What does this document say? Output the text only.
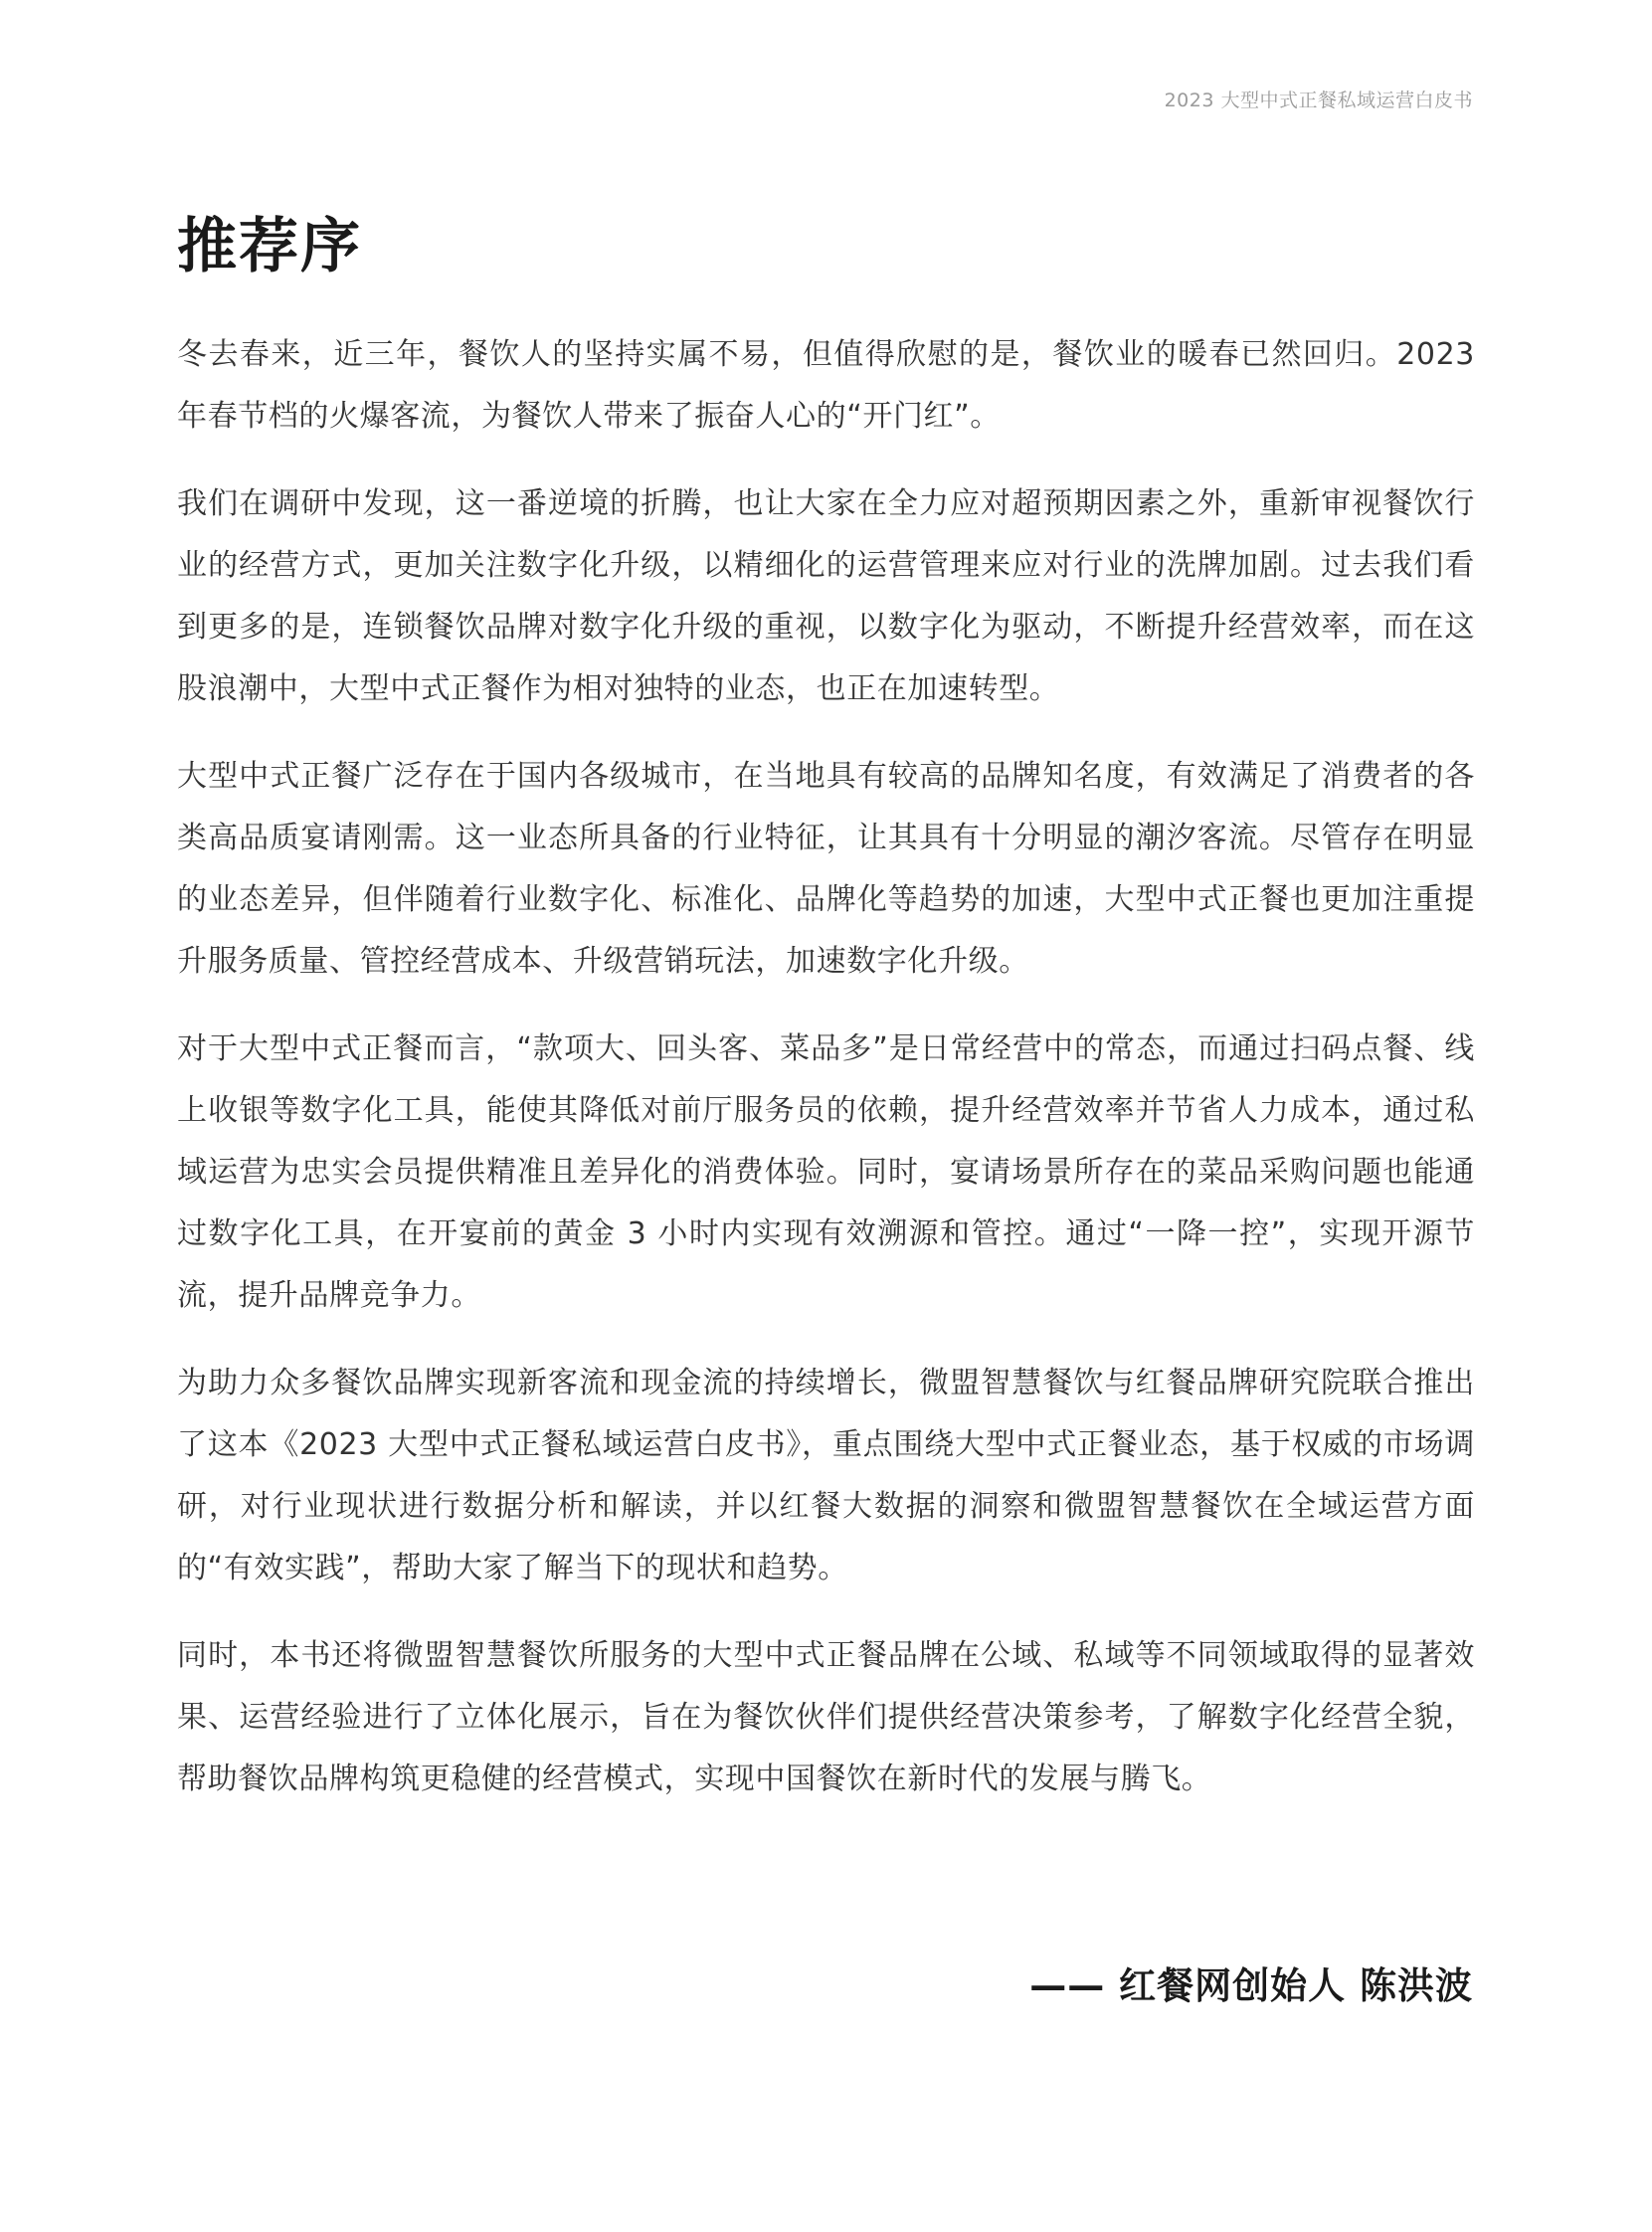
2023 大型中式正餐私域运营白皮书
推荐序

冬去春来，近三年，餐饮人的坚持实属不易，但值得欣慰的是，餐饮业的暖春已然回归。2023 年春节档的火爆客流，为餐饮人带来了振奋人心的“开门红”。

我们在调研中发现，这一番逆境的折腾，也让大家在全力应对超预期因素之外，重新审视餐饮行业的经营方式，更加关注数字化升级，以精细化的运营管理来应对行业的洗牌加剧。过去我们看到更多的是，连锁餐饮品牌对数字化升级的重视，以数字化为驱动，不断提升经营效率，而在这股浪潮中，大型中式正餐作为相对独特的业态，也正在加速转型。

大型中式正餐广泛存在于国内各级城市，在当地具有较高的品牌知名度，有效满足了消费者的各类高品质宴请刚需。这一业态所具备的行业特征，让其具有十分明显的潮汐客流。尽管存在明显的业态差异，但伴随着行业数字化、标准化、品牌化等趋势的加速，大型中式正餐也更加注重提升服务质量、管控经营成本、升级营销玩法，加速数字化升级。

对于大型中式正餐而言，“款项大、回头客、菜品多”是日常经营中的常态，而通过扫码点餐、线上收银等数字化工具，能使其降低对前厅服务员的依赖，提升经营效率并节省人力成本，通过私域运营为忠实会员提供精准且差异化的消费体验。同时，宴请场景所存在的菜品采购问题也能通过数字化工具，在开宴前的黄金 3 小时内实现有效溯源和管控。通过“一降一控”，实现开源节流，提升品牌竞争力。

为助力众多餐饮品牌实现新客流和现金流的持续增长，微盟智慧餐饮与红餐品牌研究院联合推出了这本《2023 大型中式正餐私域运营白皮书》，重点围绕大型中式正餐业态，基于权威的市场调研，对行业现状进行数据分析和解读，并以红餐大数据的洞察和微盟智慧餐饮在全域运营方面的“有效实践”，帮助大家了解当下的现状和趋势。

同时，本书还将微盟智慧餐饮所服务的大型中式正餐品牌在公域、私域等不同领域取得的显著效果、运营经验进行了立体化展示，旨在为餐饮伙伴们提供经营决策参考，了解数字化经营全貌，帮助餐饮品牌构筑更稳健的经营模式，实现中国餐饮在新时代的发展与腾飞。

—— 红餐网创始人 陈洪波
